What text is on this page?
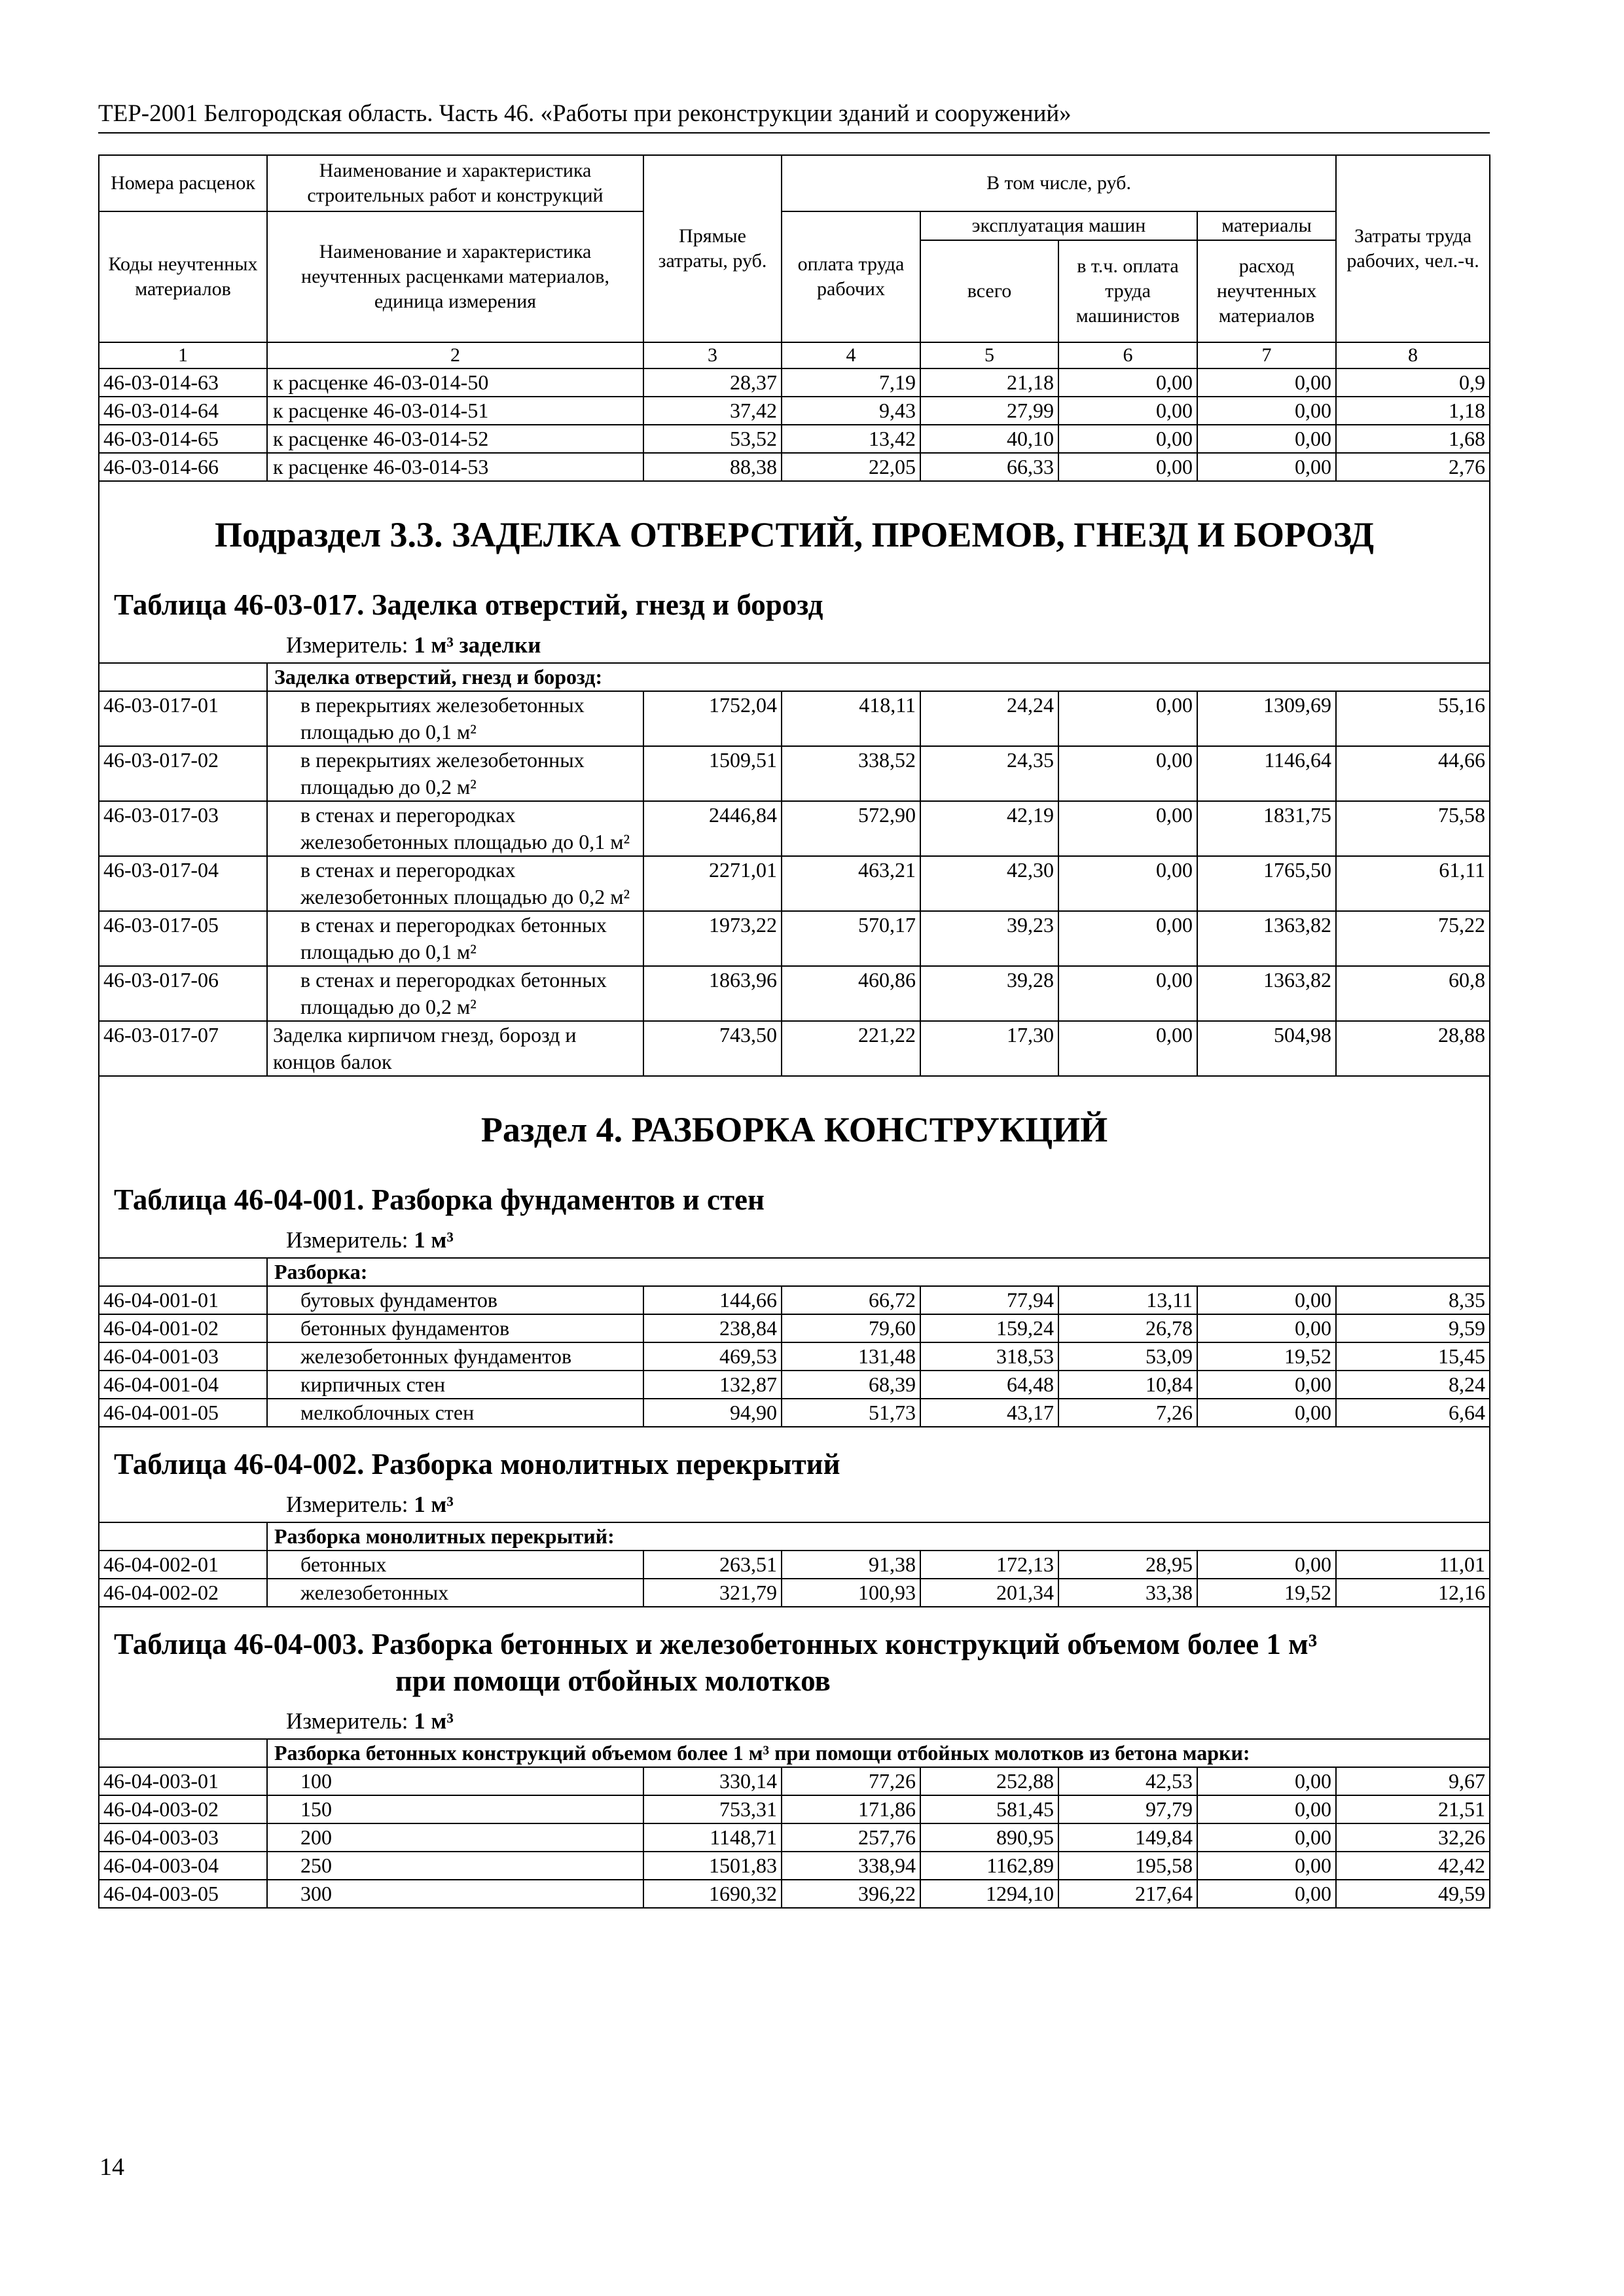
ТЕР-2001 Белгородская область. Часть 46. «Работы при реконструкции зданий и сооружений»
Номера расценок	Наименование и характеристика строительных работ и конструкций	Прямые затраты, руб.	В том числе, руб.				Затраты труда рабочих, чел.-ч.
Коды неучтенных материалов	Наименование и характеристика неучтенных расценками материалов, единица измерения		оплата труда рабочих	эксплуатация машин		материалы	
				всего	в т.ч. оплата труда машинистов	расход неучтенных материалов	
1	2	3	4	5	6	7	8
46-03-014-63	к расценке 46-03-014-50	28,37	7,19	21,18	0,00	0,00	0,9
46-03-014-64	к расценке 46-03-014-51	37,42	9,43	27,99	0,00	0,00	1,18
46-03-014-65	к расценке 46-03-014-52	53,52	13,42	40,10	0,00	0,00	1,68
46-03-014-66	к расценке 46-03-014-53	88,38	22,05	66,33	0,00	0,00	2,76

Подраздел 3.3. ЗАДЕЛКА ОТВЕРСТИЙ, ПРОЕМОВ, ГНЕЗД И БОРОЗД
Таблица 46-03-017. Заделка отверстий, гнезд и борозд
Измеритель: 1 м³ заделки							

	Заделка отверстий, гнезд и борозд:						
46-03-017-01	в перекрытиях железобетонных площадью до 0,1 м²	1752,04	418,11	24,24	0,00	1309,69	55,16
46-03-017-02	в перекрытиях железобетонных площадью до 0,2 м²	1509,51	338,52	24,35	0,00	1146,64	44,66
46-03-017-03	в стенах и перегородках железобетонных площадью до 0,1 м²	2446,84	572,90	42,19	0,00	1831,75	75,58
46-03-017-04	в стенах и перегородках железобетонных площадью до 0,2 м²	2271,01	463,21	42,30	0,00	1765,50	61,11
46-03-017-05	в стенах и перегородках бетонных площадью до 0,1 м²	1973,22	570,17	39,23	0,00	1363,82	75,22
46-03-017-06	в стенах и перегородках бетонных площадью до 0,2 м²	1863,96	460,86	39,28	0,00	1363,82	60,8
46-03-017-07	Заделка кирпичом гнезд, борозд и концов балок	743,50	221,22	17,30	0,00	504,98	28,88

Раздел 4. РАЗБОРКА КОНСТРУКЦИЙ
Таблица 46-04-001. Разборка фундаментов и стен
Измеритель: 1 м³							

	Разборка:						
46-04-001-01	бутовых фундаментов	144,66	66,72	77,94	13,11	0,00	8,35
46-04-001-02	бетонных фундаментов	238,84	79,60	159,24	26,78	0,00	9,59
46-04-001-03	железобетонных фундаментов	469,53	131,48	318,53	53,09	19,52	15,45
46-04-001-04	кирпичных стен	132,87	68,39	64,48	10,84	0,00	8,24
46-04-001-05	мелкоблочных стен	94,90	51,73	43,17	7,26	0,00	6,64

Таблица 46-04-002. Разборка монолитных перекрытий
Измеритель: 1 м³							

	Разборка монолитных перекрытий:						
46-04-002-01	бетонных	263,51	91,38	172,13	28,95	0,00	11,01
46-04-002-02	железобетонных	321,79	100,93	201,34	33,38	19,52	12,16

Таблица 46-04-003. Разборка бетонных и железобетонных конструкций объемом более 1 м³
при помощи отбойных молотков
Измеритель: 1 м³							

	Разборка бетонных конструкций объемом более 1 м³ при помощи отбойных молотков из бетона марки:						
46-04-003-01	100	330,14	77,26	252,88	42,53	0,00	9,67
46-04-003-02	150	753,31	171,86	581,45	97,79	0,00	21,51
46-04-003-03	200	1148,71	257,76	890,95	149,84	0,00	32,26
46-04-003-04	250	1501,83	338,94	1162,89	195,58	0,00	42,42
46-04-003-05	300	1690,32	396,22	1294,10	217,64	0,00	49,59
14
